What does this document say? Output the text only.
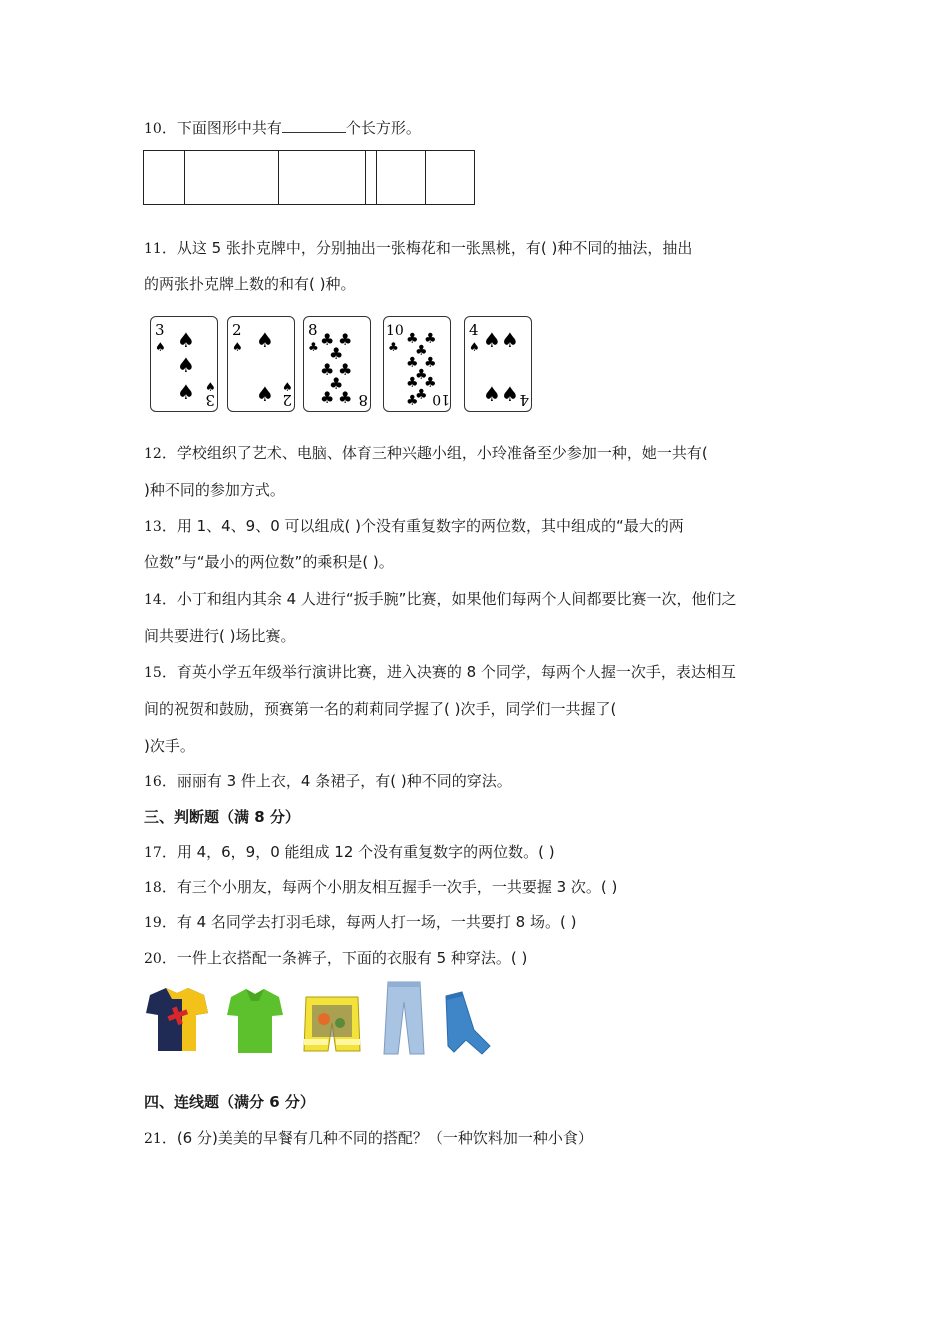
10．下面图形中共有	个长方形。
11．从这 5 张扑克牌中，分别抽出一张梅花和一张黑桃，有( )种不同的抽法，抽出
的两张扑克牌上数的和有( )种。
3
♠ ♠
♠
♠ 3
♠
2
♠ ♠
♠ 2
♠
8
♣ ♣ ♣
♣
♣ ♣
♣ ♣
♣
8
10
♣ ♣ ♣
♣
♣ ♣
♣ ♣
♣
♣
♣ 10
4
♠ ♠ ♠
♠ ♠ 4
12．学校组织了艺术、电脑、体育三种兴趣小组，小玲准备至少参加一种，她一共有(
)种不同的参加方式。
13．用 1、4、9、0 可以组成( )个没有重复数字的两位数，其中组成的“最大的两
位数”与“最小的两位数”的乘积是( )。
14．小丁和组内其余 4 人进行“扳手腕”比赛，如果他们每两个人间都要比赛一次，他们之
间共要进行( )场比赛。
15．育英小学五年级举行演讲比赛，进入决赛的 8 个同学，每两个人握一次手，表达相互
间的祝贺和鼓励，预赛第一名的莉莉同学握了( )次手，同学们一共握了(
)次手。
16．丽丽有 3 件上衣，4 条裙子，有( )种不同的穿法。
三、判断题（满 8 分）
17．用 4，6，9，0 能组成 12 个没有重复数字的两位数。( )
18．有三个小朋友，每两个小朋友相互握手一次手，一共要握 3 次。( )
19．有 4 名同学去打羽毛球，每两人打一场，一共要打 8 场。( )
20．一件上衣搭配一条裤子，下面的衣服有 5 种穿法。( )
四、连线题（满分 6 分）
21．(6 分)美美的早餐有几种不同的搭配？（一种饮料加一种小食）
